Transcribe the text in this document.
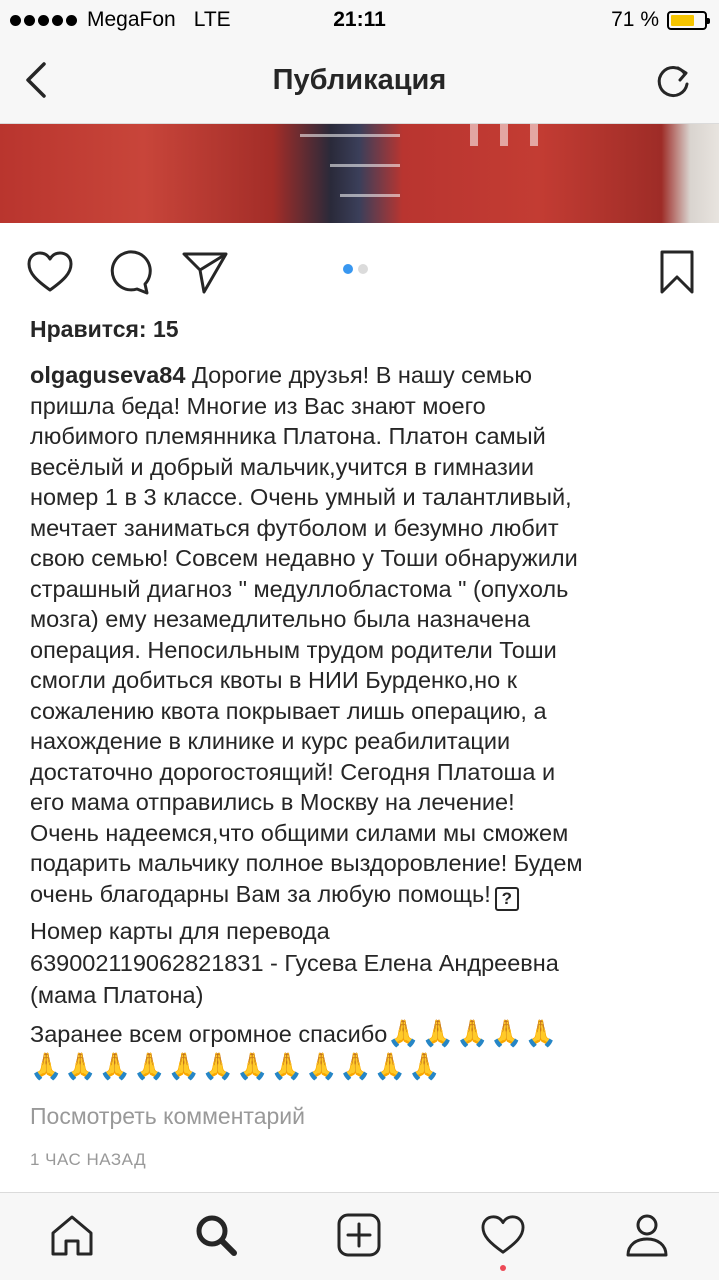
MegaFon LTE	21:11	71 %
Публикация
Нравится: 15
olgaguseva84 Дорогие друзья! В нашу семью
пришла беда! Многие из Вас знают моего
любимого племянника Платона. Платон самый
весёлый и добрый мальчик,учится в гимназии
номер 1 в 3 классе. Очень умный и талантливый,
мечтает заниматься футболом и безумно любит
свою семью! Совсем недавно у Тоши обнаружили
страшный диагноз " медуллобластома " (опухоль
мозга) ему незамедлительно была назначена
операция. Непосильным трудом родители Тоши
смогли добиться квоты в НИИ Бурденко,но к
сожалению квота покрывает лишь операцию, а
нахождение в клинике и курс реабилитации
достаточно дорогостоящий! Сегодня Платоша и
его мама отправились в Москву на лечение!
Очень надеемся,что общими силами мы сможем
подарить мальчику полное выздоровление! Будем
очень благодарны Вам за любую помощь! ?
Номер карты для перевода
63900211906282183​1 - Гусева Елена Андреевна
(мама Платона)
Заранее всем огромное спасибо🙏🙏🙏🙏🙏
🙏🙏🙏🙏🙏🙏🙏🙏🙏🙏🙏🙏
Посмотреть комментарий
1 ЧАС НАЗАД
